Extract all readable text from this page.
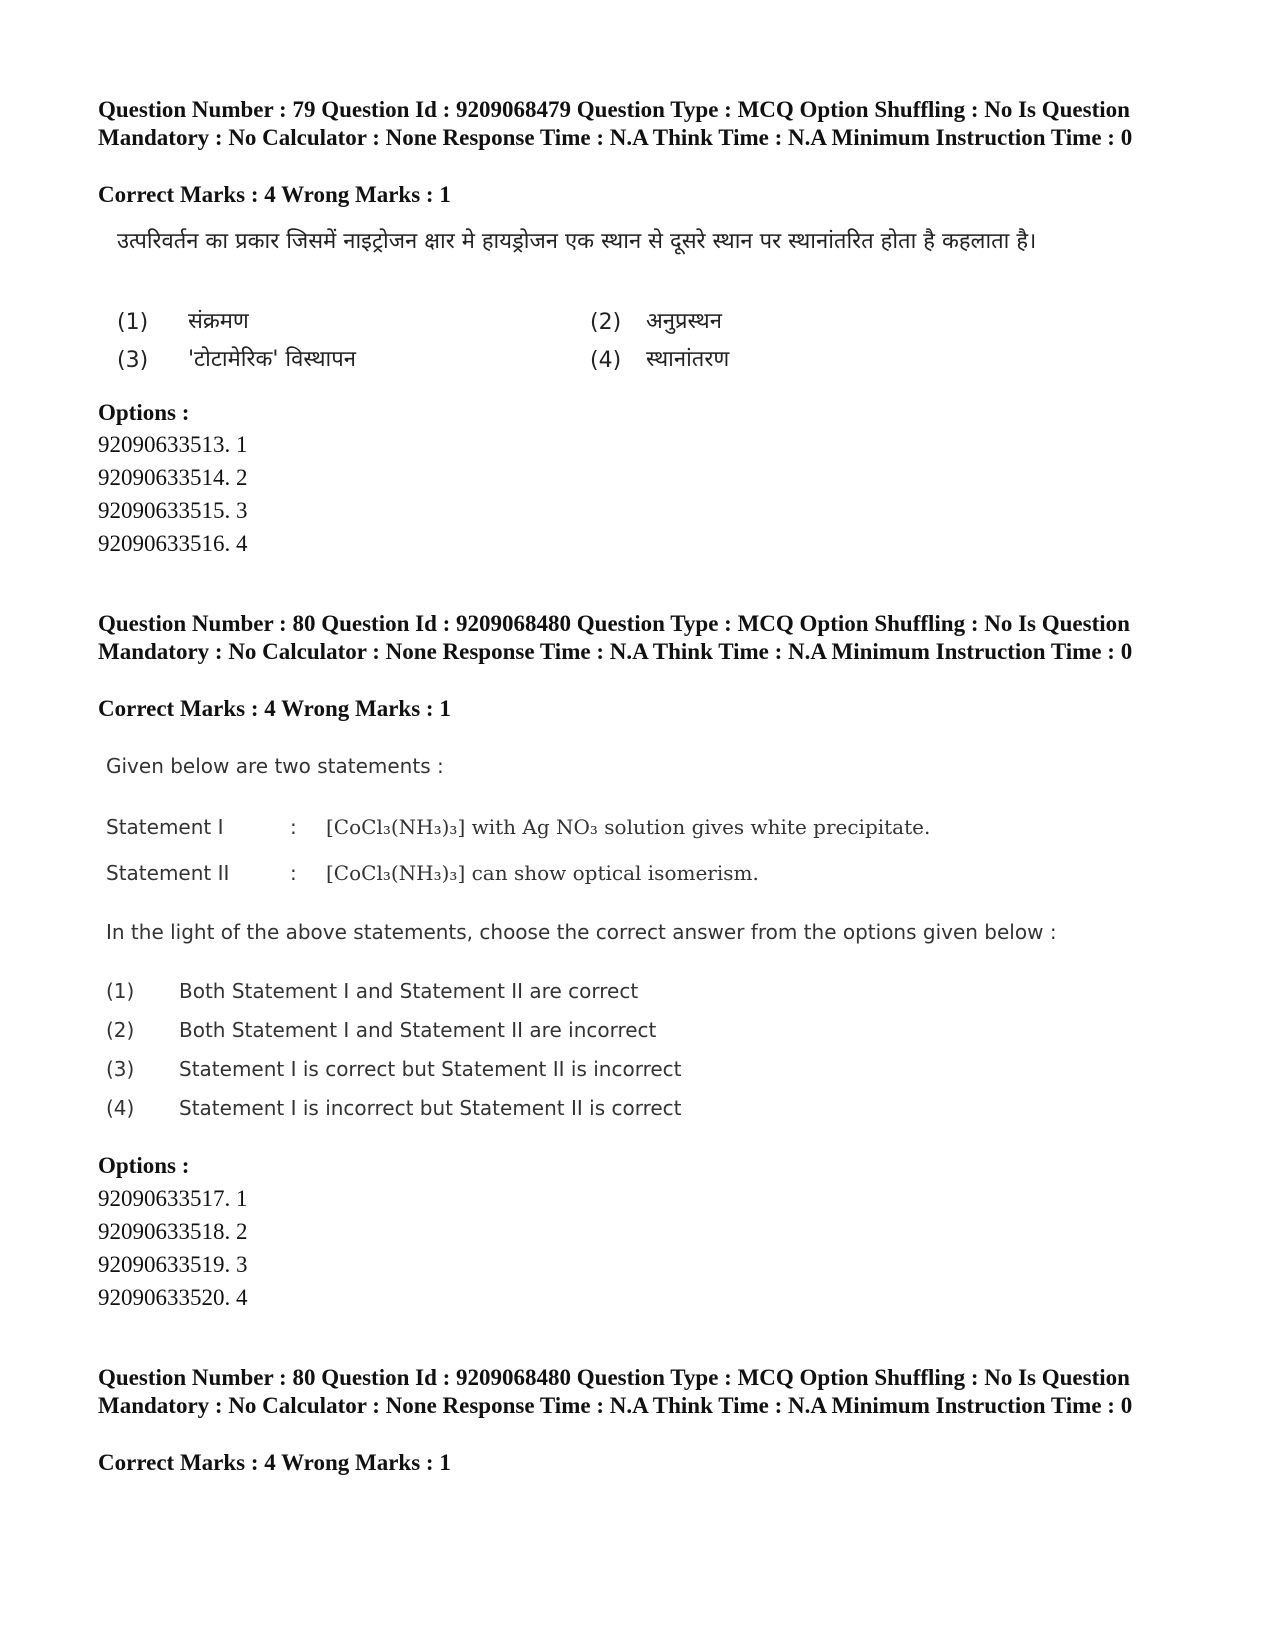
Question Number : 79 Question Id : 9209068479 Question Type : MCQ Option Shuffling : No Is Question Mandatory : No Calculator : None Response Time : N.A Think Time : N.A Minimum Instruction Time : 0

Correct Marks : 4 Wrong Marks : 1

उत्परिवर्तन का प्रकार जिसमें नाइट्रोजन क्षार मे हायड्रोजन एक स्थान से दूसरे स्थान पर स्थानांतरित होता है कहलाता है।

(1) संक्रमण	(2) अनुप्रस्थन
(3) 'टोटामेरिक' विस्थापन	(4) स्थानांतरण

Options :

92090633513. 1

92090633514. 2

92090633515. 3

92090633516. 4

Question Number : 80 Question Id : 9209068480 Question Type : MCQ Option Shuffling : No Is Question Mandatory : No Calculator : None Response Time : N.A Think Time : N.A Minimum Instruction Time : 0

Correct Marks : 4 Wrong Marks : 1

Given below are two statements :

Statement I	: [CoCl₃(NH₃)₃] with Ag NO₃ solution gives white precipitate.
Statement II	: [CoCl₃(NH₃)₃] can show optical isomerism.

In the light of the above statements, choose the correct answer from the options given below :

(1) Both Statement I and Statement II are correct
(2) Both Statement I and Statement II are incorrect
(3) Statement I is correct but Statement II is incorrect
(4) Statement I is incorrect but Statement II is correct

Options :

92090633517. 1

92090633518. 2

92090633519. 3

92090633520. 4

Question Number : 80 Question Id : 9209068480 Question Type : MCQ Option Shuffling : No Is Question Mandatory : No Calculator : None Response Time : N.A Think Time : N.A Minimum Instruction Time : 0

Correct Marks : 4 Wrong Marks : 1
